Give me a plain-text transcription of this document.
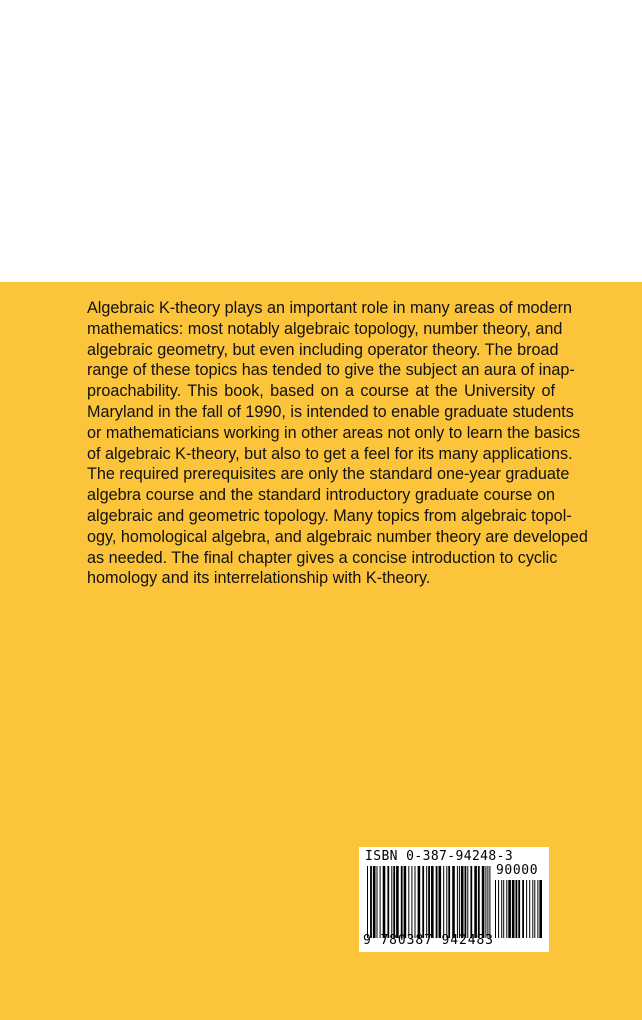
Algebraic K-theory plays an important role in many areas of modern
mathematics: most notably algebraic topology, number theory, and
algebraic geometry, but even including operator theory. The broad
range of these topics has tended to give the subject an aura of inap-
proachability. This book, based on a course at the University of
Maryland in the fall of 1990, is intended to enable graduate students
or mathematicians working in other areas not only to learn the basics
of algebraic K-theory, but also to get a feel for its many applications.
The required prerequisites are only the standard one-year graduate
algebra course and the standard introductory graduate course on
algebraic and geometric topology. Many topics from algebraic topol-
ogy, homological algebra, and algebraic number theory are developed
as needed. The final chapter gives a concise introduction to cyclic
homology and its interrelationship with K-theory.
ISBN 0-387-94248-3
90000
9 780387 942483
